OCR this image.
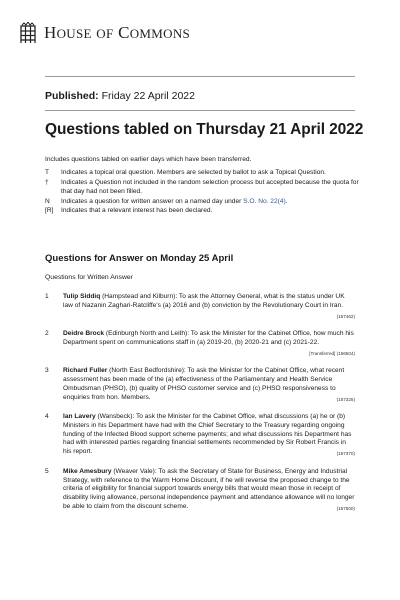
HOUSE OF COMMONS
Published: Friday 22 April 2022
Questions tabled on Thursday 21 April 2022
Includes questions tabled on earlier days which have been transferred.
T	Indicates a topical oral question. Members are selected by ballot to ask a Topical Question.
†	Indicates a Question not included in the random selection process but accepted because the quota for that day had not been filled.
N	Indicates a question for written answer on a named day under S.O. No. 22(4).
[R]	Indicates that a relevant interest has been declared.
Questions for Answer on Monday 25 April
Questions for Written Answer
1	Tulip Siddiq (Hampstead and Kilburn): To ask the Attorney General, what is the status under UK law of Nazanin Zaghari-Ratcliffe's (a) 2016 and (b) conviction by the Revolutionary Court in Iran.
(157462)
2	Deidre Brock (Edinburgh North and Leith): To ask the Minister for the Cabinet Office, how much his Department spent on communications staff in (a) 2019-20, (b) 2020-21 and (c) 2021-22.
[Transferred] (156504)
3	Richard Fuller (North East Bedfordshire): To ask the Minister for the Cabinet Office, what recent assessment has been made of the (a) effectiveness of the Parliamentary and Health Service Ombudsman (PHSO), (b) quality of PHSO customer service and (c) PHSO responsiveness to enquiries from hon. Members.	(157325)
4	Ian Lavery (Wansbeck): To ask the Minister for the Cabinet Office, what discussions (a) he or (b) Ministers in his Department have had with the Chief Secretary to the Treasury regarding ongoing funding of the Infected Blood support scheme payments; and what discussions his Department has had with interested parties regarding financial settlements recommended by Sir Robert Francis in his report.	(157370)
5	Mike Amesbury (Weaver Vale): To ask the Secretary of State for Business, Energy and Industrial Strategy, with reference to the Warm Home Discount, if he will reverse the proposed change to the criteria of eligibility for financial support towards energy bills that would mean those in receipt of disability living allowance, personal independence payment and attendance allowance will no longer be able to claim from the discount scheme.	(157500)
